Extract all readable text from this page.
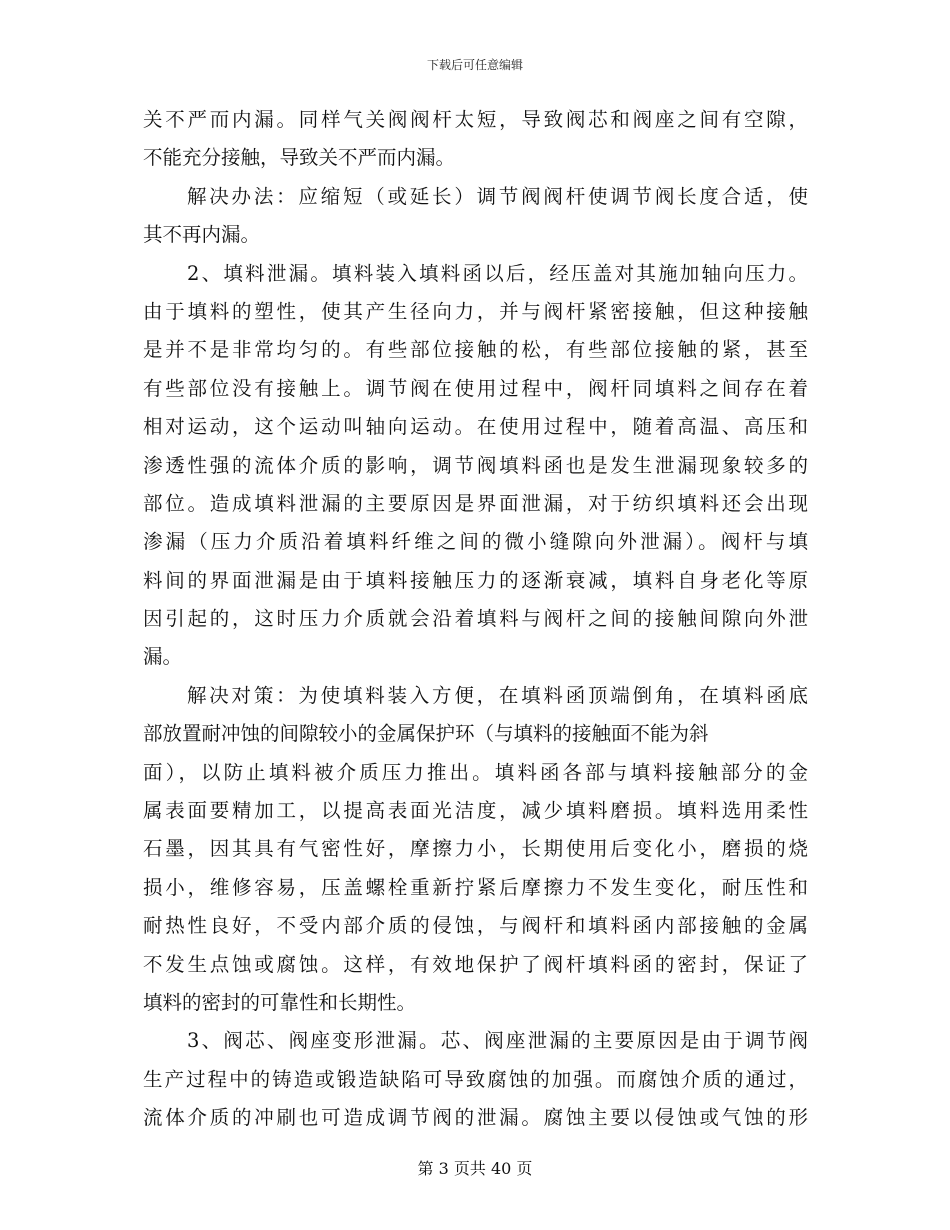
下载后可任意编辑
关不严而内漏。同样气关阀阀杆太短，导致阀芯和阀座之间有空隙，
不能充分接触，导致关不严而内漏。
解决办法：应缩短（或延长）调节阀阀杆使调节阀长度合适，使
其不再内漏。
2、填料泄漏。填料装入填料函以后，经压盖对其施加轴向压力。
由于填料的塑性，使其产生径向力，并与阀杆紧密接触，但这种接触
是并不是非常均匀的。有些部位接触的松，有些部位接触的紧，甚至
有些部位没有接触上。调节阀在使用过程中，阀杆同填料之间存在着
相对运动，这个运动叫轴向运动。在使用过程中，随着高温、高压和
渗透性强的流体介质的影响，调节阀填料函也是发生泄漏现象较多的
部位。造成填料泄漏的主要原因是界面泄漏，对于纺织填料还会出现
渗漏（压力介质沿着填料纤维之间的微小缝隙向外泄漏）。阀杆与填
料间的界面泄漏是由于填料接触压力的逐渐衰减，填料自身老化等原
因引起的，这时压力介质就会沿着填料与阀杆之间的接触间隙向外泄
漏。
解决对策：为使填料装入方便，在填料函顶端倒角，在填料函底
部放置耐冲蚀的间隙较小的金属保护环（与填料的接触面不能为斜
面），以防止填料被介质压力推出。填料函各部与填料接触部分的金
属表面要精加工，以提高表面光洁度，减少填料磨损。填料选用柔性
石墨，因其具有气密性好，摩擦力小，长期使用后变化小，磨损的烧
损小，维修容易，压盖螺栓重新拧紧后摩擦力不发生变化，耐压性和
耐热性良好，不受内部介质的侵蚀，与阀杆和填料函内部接触的金属
不发生点蚀或腐蚀。这样，有效地保护了阀杆填料函的密封，保证了
填料的密封的可靠性和长期性。
3、阀芯、阀座变形泄漏。芯、阀座泄漏的主要原因是由于调节阀
生产过程中的铸造或锻造缺陷可导致腐蚀的加强。而腐蚀介质的通过，
流体介质的冲刷也可造成调节阀的泄漏。腐蚀主要以侵蚀或气蚀的形
第 3 页共 40 页
